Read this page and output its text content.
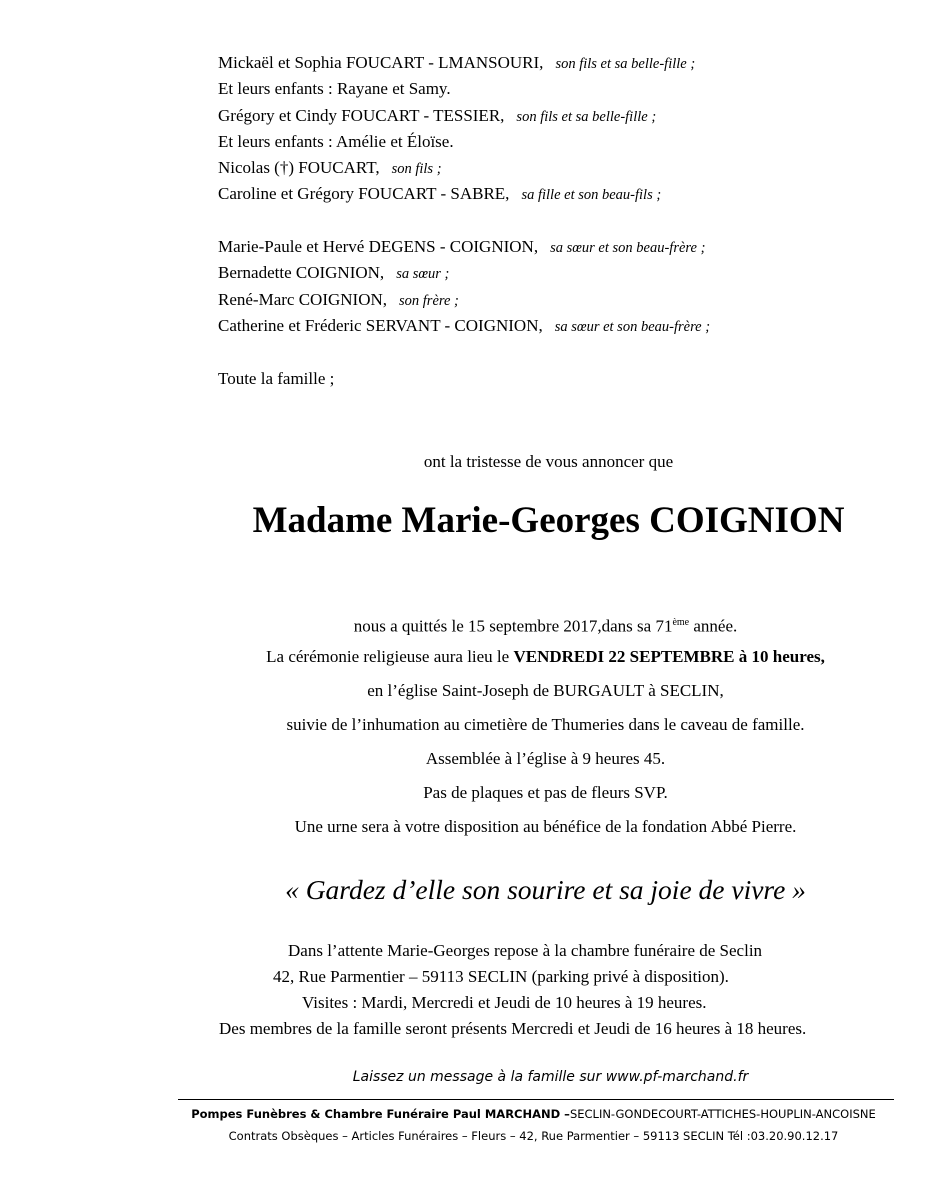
Mickaël et Sophia FOUCART - LMANSOURI, son fils et sa belle-fille ;
Et leurs enfants : Rayane et Samy.
Grégory et Cindy FOUCART - TESSIER, son fils et sa belle-fille ;
Et leurs enfants : Amélie et Éloïse.
Nicolas (†) FOUCART, son fils ;
Caroline et Grégory FOUCART - SABRE, sa fille et son beau-fils ;
Marie-Paule et Hervé DEGENS - COIGNION, sa sœur et son beau-frère ;
Bernadette COIGNION, sa sœur ;
René-Marc COIGNION, son frère ;
Catherine et Fréderic SERVANT - COIGNION, sa sœur et son beau-frère ;
Toute la famille ;
ont la tristesse de vous annoncer que
Madame Marie-Georges COIGNION
nous a quittés le 15 septembre 2017,dans sa 71ème année.
La cérémonie religieuse aura lieu le VENDREDI 22 SEPTEMBRE à 10 heures,
en l’église Saint-Joseph de BURGAULT à SECLIN,
suivie de l’inhumation au cimetière de Thumeries dans le caveau de famille.
Assemblée à l’église à 9 heures 45.
Pas de plaques et pas de fleurs SVP.
Une urne sera à votre disposition au bénéfice de la fondation Abbé Pierre.
« Gardez d’elle son sourire et sa joie de vivre »
Dans l’attente Marie-Georges repose à la chambre funéraire de Seclin
42, Rue Parmentier – 59113 SECLIN (parking privé à disposition).
Visites : Mardi, Mercredi et Jeudi de 10 heures à 19 heures.
Des membres de la famille seront présents Mercredi et Jeudi de 16 heures à 18 heures.
Laissez un message à la famille sur www.pf-marchand.fr
Pompes Funèbres & Chambre Funéraire Paul MARCHAND –SECLIN-GONDECOURT-ATTICHES-HOUPLIN-ANCOISNE
Contrats Obsèques – Articles Funéraires – Fleurs – 42, Rue Parmentier – 59113 SECLIN Tél :03.20.90.12.17
